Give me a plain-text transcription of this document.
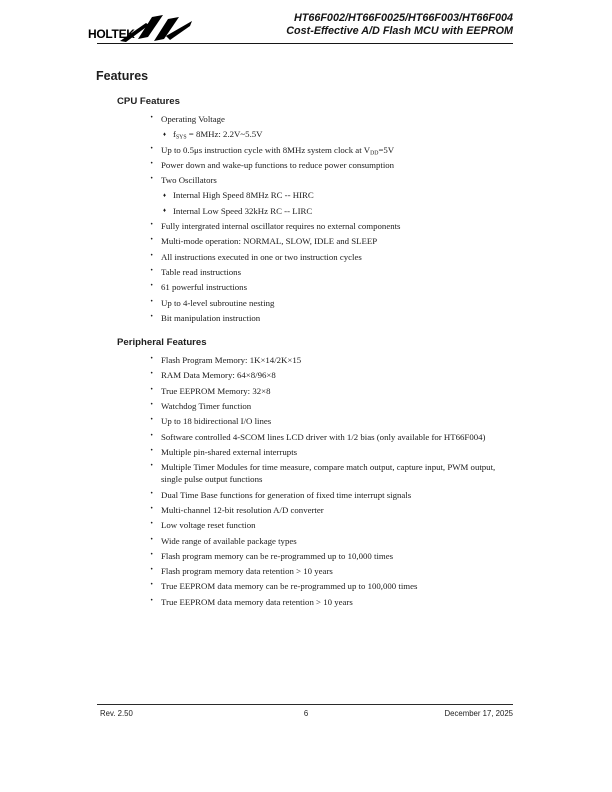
HOLTEK
HT66F002/HT66F0025/HT66F003/HT66F004
Cost-Effective A/D Flash MCU with EEPROM
Features
CPU Features
· Operating Voltage
♦ $f_{SYS} = 8MHz$: 2.2V~5.5V
· Up to 0.5μs instruction cycle with 8MHz system clock at $V_{DD}=5V$
· Power down and wake-up functions to reduce power consumption
· Two Oscillators
♦ Internal High Speed 8MHz RC -- HIRC
♦ Internal Low Speed 32kHz RC -- LIRC
· Fully intergrated internal oscillator requires no external components
· Multi-mode operation: NORMAL, SLOW, IDLE and SLEEP
· All instructions executed in one or two instruction cycles
· Table read instructions
· 61 powerful instructions
· Up to 4-level subroutine nesting
· Bit manipulation instruction
Peripheral Features
· Flash Program Memory: 1K×14/2K×15
· RAM Data Memory: 64×8/96×8
· True EEPROM Memory: 32×8
· Watchdog Timer function
· Up to 18 bidirectional I/O lines
· Software controlled 4-SCOM lines LCD driver with 1/2 bias (only available for HT66F004)
· Multiple pin-shared external interrupts
· Multiple Timer Modules for time measure, compare match output, capture input, PWM output,
single pulse output functions
· Dual Time Base functions for generation of fixed time interrupt signals
· Multi-channel 12-bit resolution A/D converter
· Low voltage reset function
· Wide range of available package types
· Flash program memory can be re-programmed up to 10,000 times
· Flash program memory data retention > 10 years
· True EEPROM data memory can be re-programmed up to 100,000 times
· True EEPROM data memory data retention > 10 years
Rev. 2.50	6	December 17, 2025
